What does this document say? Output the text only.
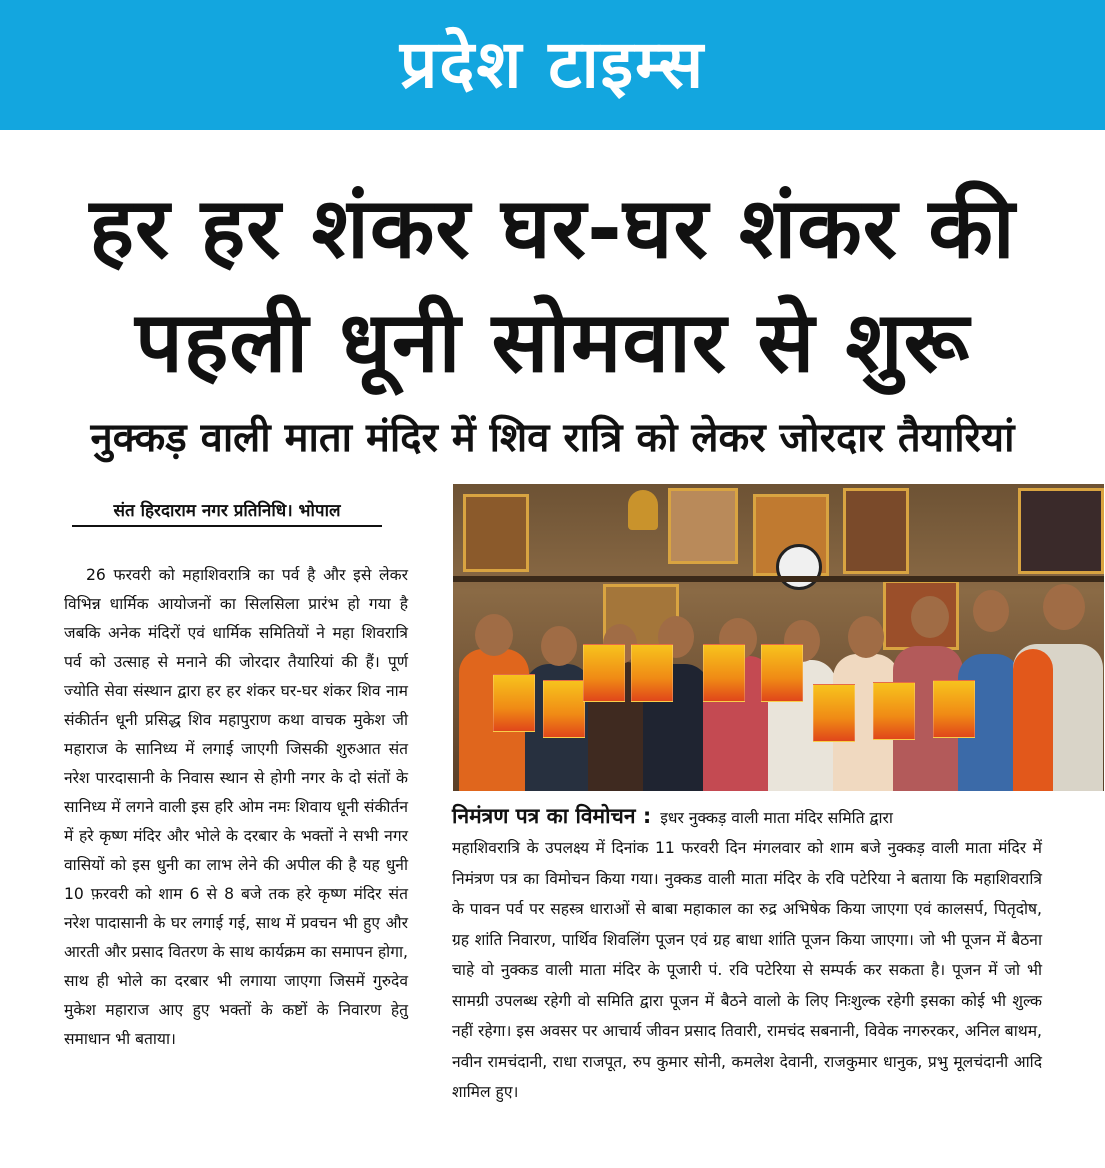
प्रदेश टाइम्स
हर हर शंकर घर-घर शंकर की
पहली धूनी सोमवार से शुरू
नुक्कड़ वाली माता मंदिर में शिव रात्रि को लेकर जोरदार तैयारियां
संत हिरदाराम नगर प्रतिनिधि। भोपाल
26 फरवरी को महाशिवरात्रि का पर्व है और इसे लेकर विभिन्न धार्मिक आयोजनों का सिलसिला प्रारंभ हो गया है जबकि अनेक मंदिरों एवं धार्मिक समितियों ने महा शिवरात्रि पर्व को उत्साह से मनाने की जोरदार तैयारियां की हैं। पूर्ण ज्योति सेवा संस्थान द्वारा हर हर शंकर घर-घर शंकर शिव नाम संकीर्तन धूनी प्रसिद्ध शिव महापुराण कथा वाचक मुकेश जी महाराज के सानिध्य में लगाई जाएगी जिसकी शुरुआत संत नरेश पारदासानी के निवास स्थान से होगी नगर के दो संतों के सानिध्य में लगने वाली इस हरि ओम नमः शिवाय धूनी संकीर्तन में हरे कृष्ण मंदिर और भोले के दरबार के भक्तों ने सभी नगर वासियों को इस धुनी का लाभ लेने की अपील की है यह धुनी 10 फ़रवरी को शाम 6 से 8 बजे तक हरे कृष्ण मंदिर संत नरेश पादासानी के घर लगाई गई, साथ में प्रवचन भी हुए और आरती और प्रसाद वितरण के साथ कार्यक्रम का समापन होगा, साथ ही भोले का दरबार भी लगाया जाएगा जिसमें गुरुदेव मुकेश महाराज आए हुए भक्तों के कष्टों के निवारण हेतु समाधान भी बताया।
निमंत्रण पत्र का विमोचन : इधर नुक्कड़ वाली माता मंदिर समिति द्वारा
महाशिवरात्रि के उपलक्ष्य में दिनांक 11 फरवरी दिन मंगलवार को शाम बजे नुक्कड़ वाली माता मंदिर में निमंत्रण पत्र का विमोचन किया गया। नुक्कड वाली माता मंदिर के रवि पटेरिया ने बताया कि महाशिवरात्रि के पावन पर्व पर सहस्त्र धाराओं से बाबा महाकाल का रुद्र अभिषेक किया जाएगा एवं कालसर्प, पितृदोष, ग्रह शांति निवारण, पार्थिव शिवलिंग पूजन एवं ग्रह बाधा शांति पूजन किया जाएगा। जो भी पूजन में बैठना चाहे वो नुक्कड वाली माता मंदिर के पूजारी पं. रवि पटेरिया से सम्पर्क कर सकता है। पूजन में जो भी सामग्री उपलब्ध रहेगी वो समिति द्वारा पूजन में बैठने वालो के लिए निःशुल्क रहेगी इसका कोई भी शुल्क नहीं रहेगा। इस अवसर पर आचार्य जीवन प्रसाद तिवारी, रामचंद सबनानी, विवेक नगरुरकर, अनिल बाथम, नवीन रामचंदानी, राधा राजपूत, रुप कुमार सोनी, कमलेश देवानी, राजकुमार धानुक, प्रभु मूलचंदानी आदि शामिल हुए।
